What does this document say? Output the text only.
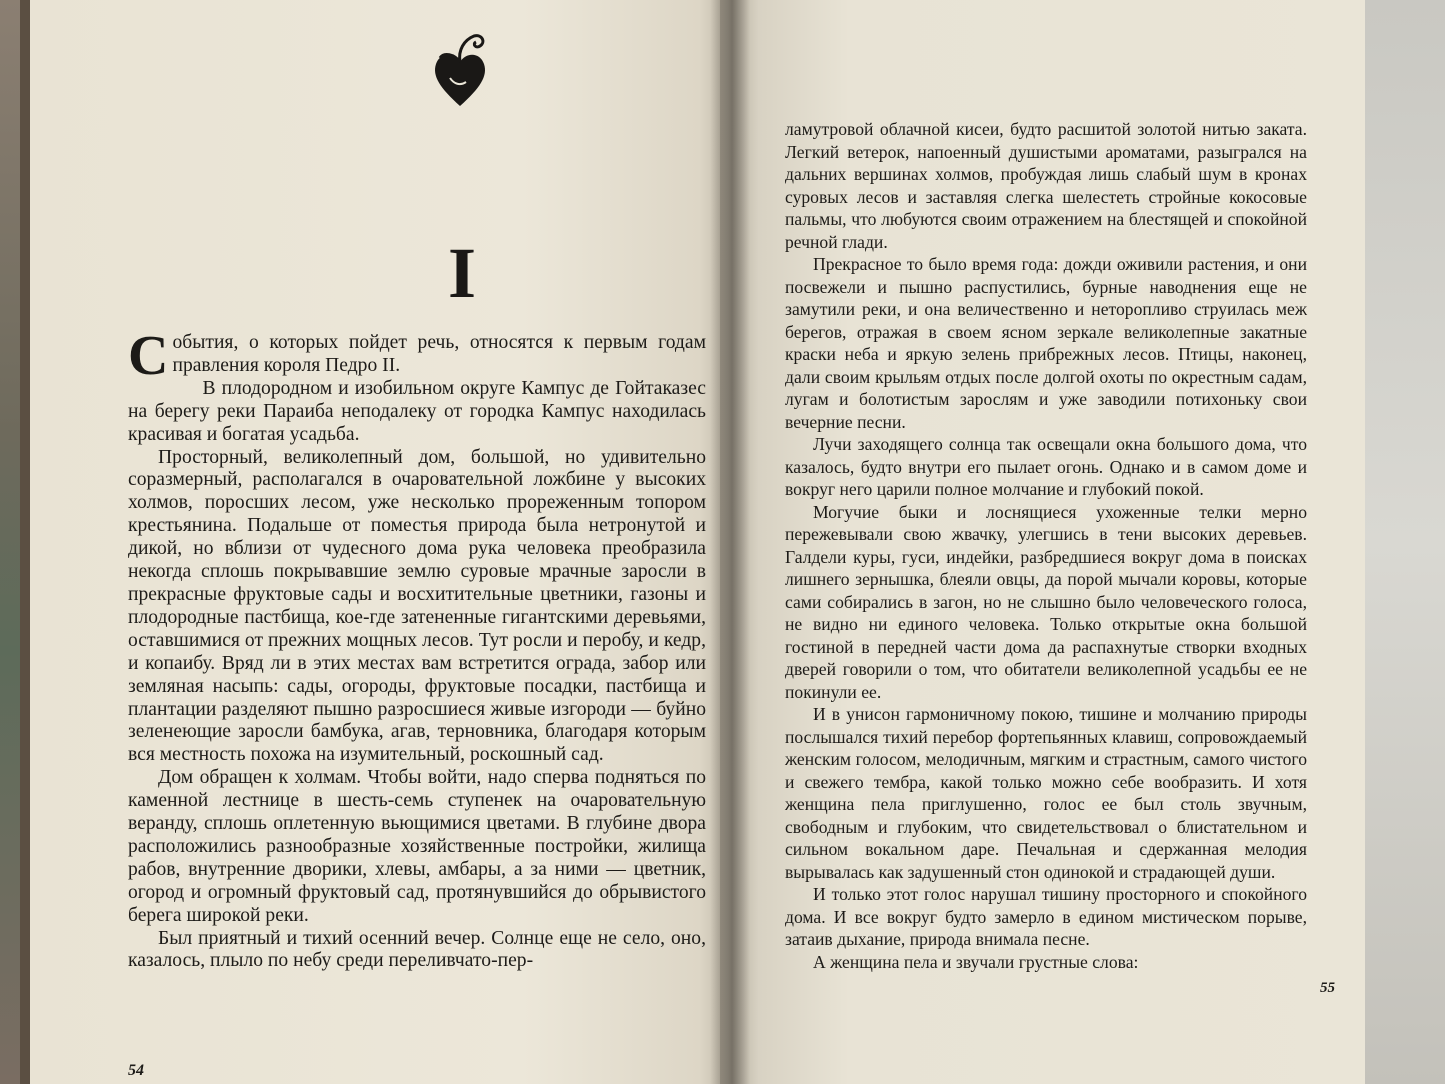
I

События, о которых пойдет речь, относятся к первым годам правления короля Педро II.

В плодородном и изобильном округе Кампус де Гойтаказес на берегу реки Параиба неподалеку от городка Кампус находилась красивая и богатая усадьба.

Просторный, великолепный дом, большой, но удивительно соразмерный, располагался в очаровательной ложбине у высоких холмов, поросших лесом, уже несколько прореженным топором крестьянина. Подальше от поместья природа была нетронутой и дикой, но вблизи от чудесного дома рука человека преобразила некогда сплошь покрывавшие землю суровые мрачные заросли в прекрасные фруктовые сады и восхитительные цветники, газоны и плодородные пастбища, кое-где затененные гигантскими деревьями, оставшимися от прежних мощных лесов. Тут росли и перобу, и кедр, и копаибу. Вряд ли в этих местах вам встретится ограда, забор или земляная насыпь: сады, огороды, фруктовые посадки, пастбища и плантации разделяют пышно разросшиеся живые изгороди — буйно зеленеющие заросли бамбука, агав, терновника, благодаря которым вся местность похожа на изумительный, роскошный сад.

Дом обращен к холмам. Чтобы войти, надо сперва подняться по каменной лестнице в шесть-семь ступенек на очаровательную веранду, сплошь оплетенную вьющимися цветами. В глубине двора расположились разнообразные хозяйственные постройки, жилища рабов, внутренние дворики, хлевы, амбары, а за ними — цветник, огород и огромный фруктовый сад, протянувшийся до обрывистого берега широкой реки.

Был приятный и тихий осенний вечер. Солнце еще не село, оно, казалось, плыло по небу среди переливчато-пер-

54

ламутровой облачной кисеи, будто расшитой золотой нитью заката. Легкий ветерок, напоенный душистыми ароматами, разыгрался на дальних вершинах холмов, пробуждая лишь слабый шум в кронах суровых лесов и заставляя слегка шелестеть стройные кокосовые пальмы, что любуются своим отражением на блестящей и спокойной речной глади.

Прекрасное то было время года: дожди оживили растения, и они посвежели и пышно распустились, бурные наводнения еще не замутили реки, и она величественно и неторопливо струилась меж берегов, отражая в своем ясном зеркале великолепные закатные краски неба и яркую зелень прибрежных лесов. Птицы, наконец, дали своим крыльям отдых после долгой охоты по окрестным садам, лугам и болотистым зарослям и уже заводили потихоньку свои вечерние песни.

Лучи заходящего солнца так освещали окна большого дома, что казалось, будто внутри его пылает огонь. Однако и в самом доме и вокруг него царили полное молчание и глубокий покой.

Могучие быки и лоснящиеся ухоженные телки мерно пережевывали свою жвачку, улегшись в тени высоких деревьев. Галдели куры, гуси, индейки, разбредшиеся вокруг дома в поисках лишнего зернышка, блеяли овцы, да порой мычали коровы, которые сами собирались в загон, но не слышно было человеческого голоса, не видно ни единого человека. Только открытые окна большой гостиной в передней части дома да распахнутые створки входных дверей говорили о том, что обитатели великолепной усадьбы ее не покинули ее.

И в унисон гармоничному покою, тишине и молчанию природы послышался тихий перебор фортепьянных клавиш, сопровождаемый женским голосом, мелодичным, мягким и страстным, самого чистого и свежего тембра, какой только можно себе вообразить. И хотя женщина пела приглушенно, голос ее был столь звучным, свободным и глубоким, что свидетельствовал о блистательном и сильном вокальном даре. Печальная и сдержанная мелодия вырывалась как задушенный стон одинокой и страдающей души.

И только этот голос нарушал тишину просторного и спокойного дома. И все вокруг будто замерло в едином мистическом порыве, затаив дыхание, природа внимала песне.

А женщина пела и звучали грустные слова:

55
